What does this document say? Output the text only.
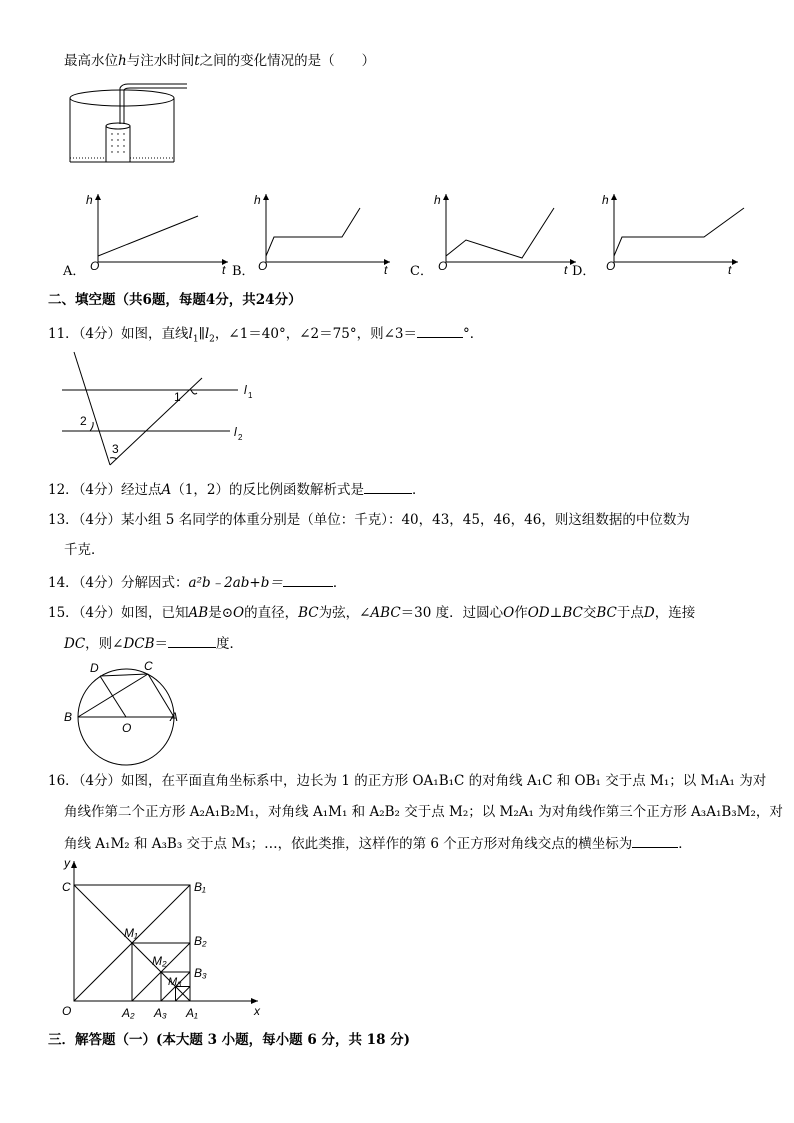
最高水位h与注水时间t之间的变化情况的是（　　）
h
O	t
A．
h
O	t
B．
h
O	t
C．
h
O	t
D．
二、填空题（共6题，每题4分，共24分）
11．（4分）如图，直线$l_1\parallel l_2$，∠1＝40°，∠2＝75°，则∠3＝	°．
1
2
3
l 1
l 2
12．（4分）经过点A（1，2）的反比例函数解析式是	．
13．（4分）某小组 5 名同学的体重分别是（单位：千克）：40，43，45，46，46，则这组数据的中位数为
千克．
14．（4分）分解因式：a²b﹣2ab+b＝	．
15．（4分）如图，已知AB是⊙O的直径，BC为弦，∠ABC＝30 度．过圆心O作OD⊥BC交BC于点D，连接
DC，则∠DCB＝	度．
D	C
B
O
A
16．（4分）如图，在平面直角坐标系中，边长为 1 的正方形 OA₁B₁C 的对角线 A₁C 和 OB₁ 交于点 M₁；以 M₁A₁ 为对
角线作第二个正方形 A₂A₁B₂M₁，对角线 A₁M₁ 和 A₂B₂ 交于点 M₂；以 M₂A₁ 为对角线作第三个正方形 A₃A₁B₃M₂，对
角线 A₁M₂ 和 A₃B₃ 交于点 M₃；…，依此类推，这样作的第 6 个正方形对角线交点的横坐标为	．
y
x
C	B₁
B₂
B₃
M₁
M₂
M₃
O	A₂ A₃ A₁
三．解答题（一）(本大题 3 小题，每小题 6 分，共 18 分)
